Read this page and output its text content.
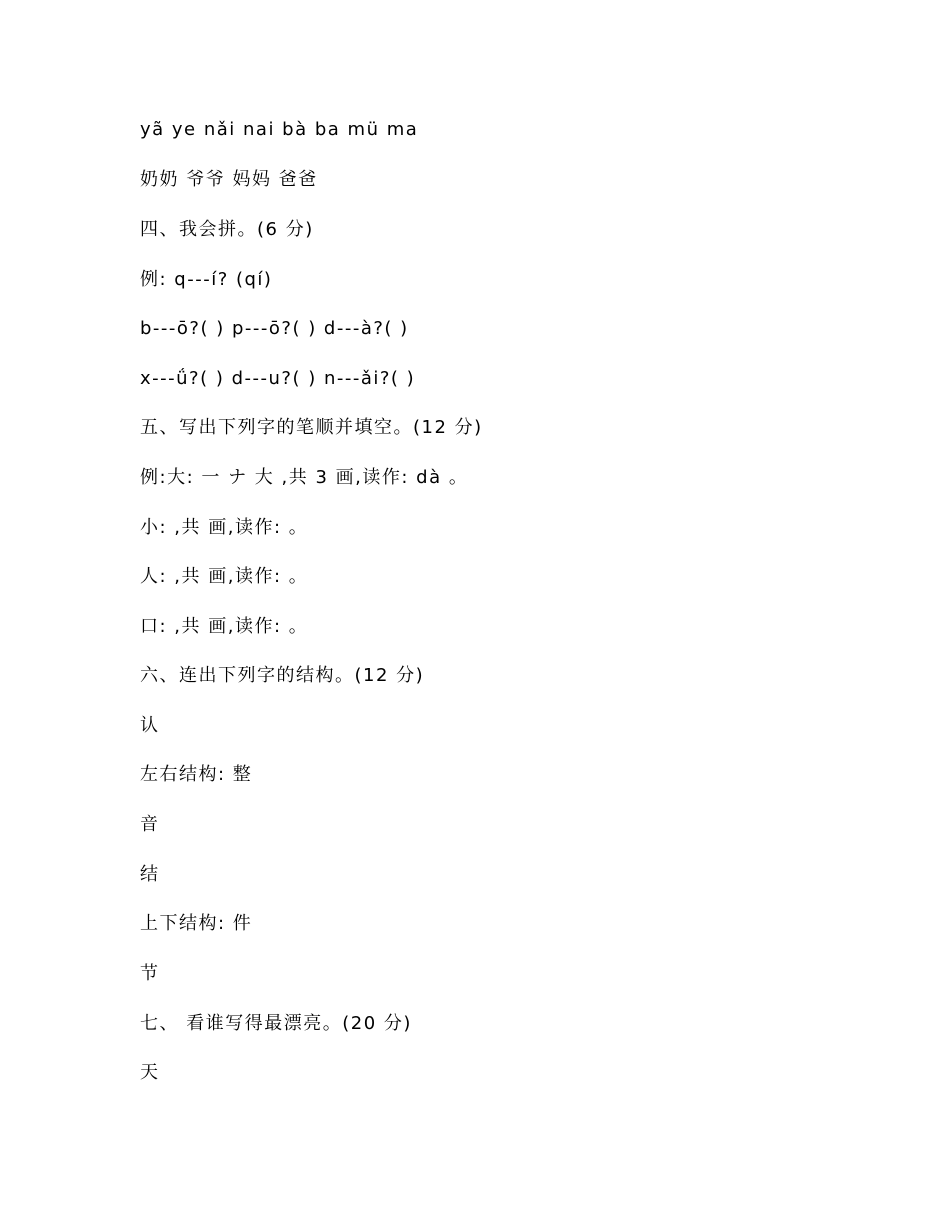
yã ye nǎi nai bà ba mü ma
奶奶 爷爷 妈妈 爸爸
四、我会拼。(6 分)
例: q---í? (qí)
b---ō?( ) p---ō?( ) d---à?( )
x---ǘ?( ) d---u?( ) n---ǎi?( )
五、写出下列字的笔顺并填空。(12 分)
例:大: 一 ナ 大 ,共 3 画,读作: dà 。
小: ,共 画,读作: 。
人: ,共 画,读作: 。
口: ,共 画,读作: 。
六、连出下列字的结构。(12 分)
认
左右结构: 整
音
结
上下结构: 件
节
七、 看谁写得最漂亮。(20 分)
天
